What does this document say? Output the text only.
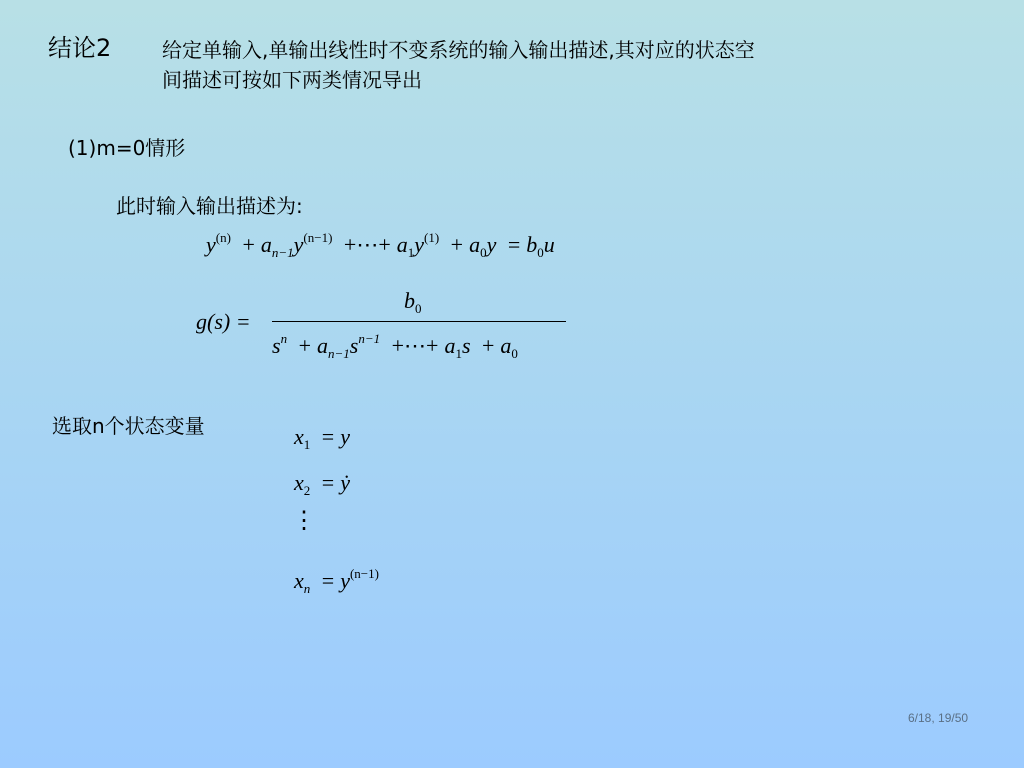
结论2	给定单输入,单输出线性时不变系统的输入输出描述,其对应的状态空
间描述可按如下两类情况导出
(1)m=0情形
此时输入输出描述为:
$y^{(n)} + a_{n-1}y^{(n-1)}$ +⋯+ $a_1y^{(1)} + a_0y = b_0u$
g(s) =
$b_0$
$s^n + a_{n-1}s^{n-1}$ +⋯+ $a_1s + a_0$
选取n个状态变量	$x_1 = y$
$x_2$ = ẏ
⋮
$x_n = y^{(n-1)}$
6/18, 19/50
